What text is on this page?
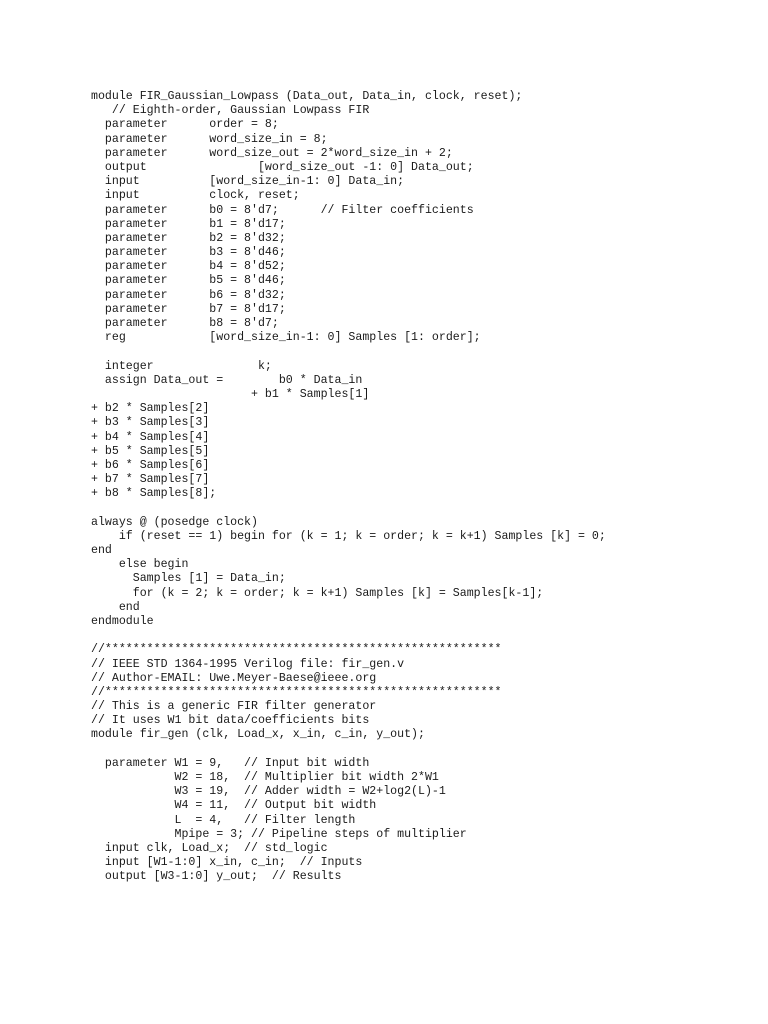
module FIR_Gaussian_Lowpass (Data_out, Data_in, clock, reset);
// Eighth-order, Gaussian Lowpass FIR
parameter      order = 8;
parameter      word_size_in = 8;
parameter      word_size_out = 2*word_size_in + 2;
output                [word_size_out -1: 0] Data_out;
input          [word_size_in-1: 0] Data_in;
input          clock, reset;
parameter      b0 = 8'd7;      // Filter coefficients
parameter      b1 = 8'd17;
parameter      b2 = 8'd32;
parameter      b3 = 8'd46;
parameter      b4 = 8'd52;
parameter      b5 = 8'd46;
parameter      b6 = 8'd32;
parameter      b7 = 8'd17;
parameter      b8 = 8'd7;
reg            [word_size_in-1: 0] Samples [1: order];
integer               k;
assign Data_out =        b0 * Data_in
+ b1 * Samples[1]
+ b2 * Samples[2]
+ b3 * Samples[3]
+ b4 * Samples[4]
+ b5 * Samples[5]
+ b6 * Samples[6]
+ b7 * Samples[7]
+ b8 * Samples[8];
always @ (posedge clock)
if (reset == 1) begin for (k = 1; k = order; k = k+1) Samples [k] = 0;
end
else begin
Samples [1] = Data_in;
for (k = 2; k = order; k = k+1) Samples [k] = Samples[k-1];
end
endmodule
//*********************************************************
// IEEE STD 1364-1995 Verilog file: fir_gen.v
// Author-EMAIL: Uwe.Meyer-Baese@ieee.org
//*********************************************************
// This is a generic FIR filter generator
// It uses W1 bit data/coefficients bits
module fir_gen (clk, Load_x, x_in, c_in, y_out);
parameter W1 = 9,   // Input bit width
W2 = 18,  // Multiplier bit width 2*W1
W3 = 19,  // Adder width = W2+log2(L)-1
W4 = 11,  // Output bit width
L  = 4,   // Filter length
Mpipe = 3; // Pipeline steps of multiplier
input clk, Load_x;  // std_logic
input [W1-1:0] x_in, c_in;  // Inputs
output [W3-1:0] y_out;  // Results
